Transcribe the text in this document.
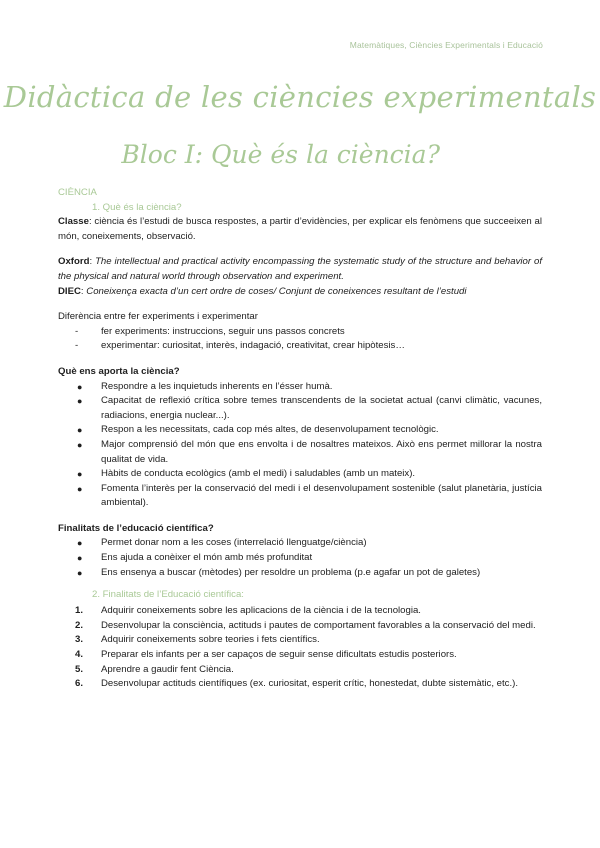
Matemàtiques, Ciències Experimentals i Educació
Didàctica de les ciències experimentals
Bloc I: Què és la ciència?
CIÈNCIA
1. Què és la ciència?
Classe: ciència és l’estudi de busca respostes, a partir d’evidències, per explicar els fenòmens que succeeixen al món, coneixements, observació.
Oxford: The intellectual and practical activity encompassing the systematic study of the structure and behavior of the physical and natural world through observation and experiment.
DIEC: Coneixença exacta d’un cert ordre de coses/ Conjunt de coneixences resultant de l’estudi
Diferència entre fer experiments i experimentar
- fer experiments: instruccions, seguir uns passos concrets
- experimentar: curiositat, interès, indagació, creativitat, crear hipòtesis…
Què ens aporta la ciència?
● Respondre a les inquietuds inherents en l’ésser humà.
● Capacitat de reflexió crítica sobre temes transcendents de la societat actual (canvi climàtic, vacunes, radiacions, energia nuclear...).
● Respon a les necessitats, cada cop més altes, de desenvolupament tecnològic.
● Major comprensió del món que ens envolta i de nosaltres mateixos. Això ens permet millorar la nostra qualitat de vida.
● Hàbits de conducta ecològics (amb el medi) i saludables (amb un mateix).
● Fomenta l’interès per la conservació del medi i el desenvolupament sostenible (salut planetària, justícia ambiental).
Finalitats de l’educació científica?
● Permet donar nom a les coses (interrelació llenguatge/ciència)
● Ens ajuda a conèixer el món amb més profunditat
● Ens ensenya a buscar (mètodes) per resoldre un problema (p.e agafar un pot de galetes)
2. Finalitats de l’Educació científica:
1. Adquirir coneixements sobre les aplicacions de la ciència i de la tecnologia.
2. Desenvolupar la consciència, actituds i pautes de comportament favorables a la conservació del medi.
3. Adquirir coneixements sobre teories i fets científics.
4. Preparar els infants per a ser capaços de seguir sense dificultats estudis posteriors.
5. Aprendre a gaudir fent Ciència.
6. Desenvolupar actituds científiques (ex. curiositat, esperit crític, honestedat, dubte sistemàtic, etc.).
